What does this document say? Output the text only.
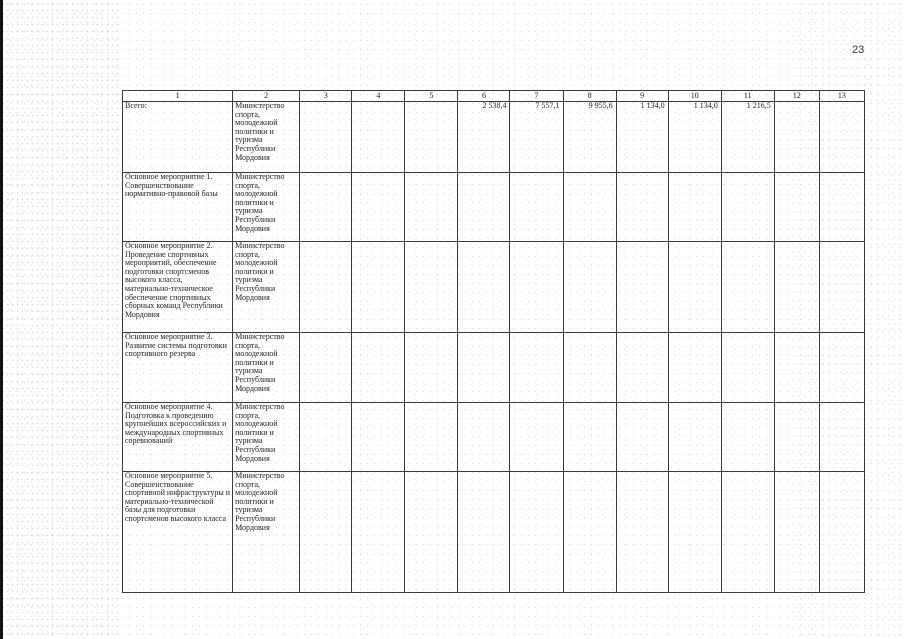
23
1	2	3	4	5	6	7	8	9	10	11	12	13
Всего:	Министерство спорта, молодежной политики и туризма Республики Мордовия				2 538,4	7 557,1	9 955,6	1 134,0	1 134,0	1 216,5		
Основное мероприятие 1. Совершенствование нормативно-правовой базы	Министерство спорта, молодежной политики и туризма Республики Мордовия											
Основное мероприятие 2. Проведение спортивных мероприятий, обеспечение подготовки спортсменов высокого класса, материально-техническое обеспечение спортивных сборных команд Республики Мордовия	Министерство спорта, молодежной политики и туризма Республики Мордовия											
Основное мероприятие 3. Развитие системы подготовки спортивного резерва	Министерство спорта, молодежной политики и туризма Республики Мордовия											
Основное мероприятие 4. Подготовка к проведению крупнейших всероссийских и международных спортивных соревнований	Министерство спорта, молодежной политики и туризма Республики Мордовия											
Основное мероприятие 5. Совершенствование спортивной инфраструктуры и материально-технической базы для подготовки спортсменов высокого класса	Министерство спорта, молодежной политики и туризма Республики Мордовия											
